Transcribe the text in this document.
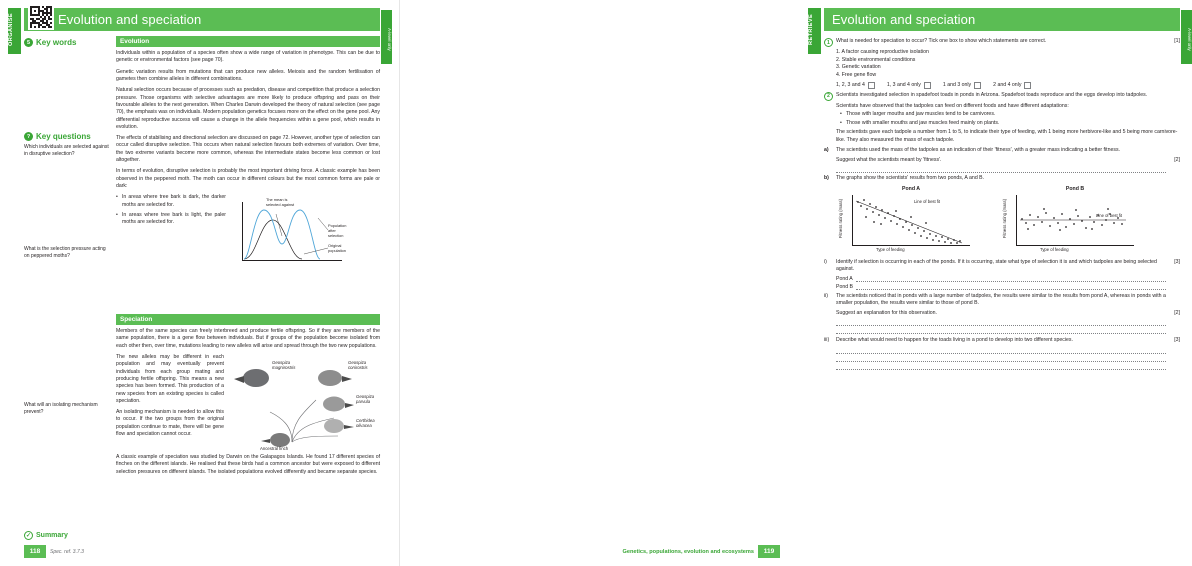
ORGANISE	A-level only
Evolution and speciation
5 Key words
? Key questions
Which individuals are selected against in disruptive selection?
What is the selection pressure acting on peppered moths?
What will an isolating mechanism prevent?
Evolution

Individuals within a population of a species often show a wide range of variation in phenotype. This can be due to genetic or environmental factors (see page 70).

Genetic variation results from mutations that can produce new alleles. Meiosis and the random fertilisation of gametes then combine alleles in different combinations.

Natural selection occurs because of processes such as predation, disease and competition that produce a selection pressure. Those organisms with selective advantages are more likely to produce offspring and pass on their favourable alleles to the next generation. When Charles Darwin developed the theory of natural selection (see page 70), the emphasis was on individuals. Modern population genetics focuses more on the effect on the gene pool. Any differential reproductive success will cause a change in the allele frequencies within a gene pool, which results in evolution.

The effects of stabilising and directional selection are discussed on page 72. However, another type of selection can occur called disruptive selection. This occurs when natural selection favours both extremes of variation. Over time, the two extreme variants become more common, whereas the intermediate states become less common or lost altogether.

In terms of evolution, disruptive selection is probably the most important driving force. A classic example has been observed in the peppered moth. The moth can occur in different colours but the most common forms are pale or dark:

• In areas where tree bark is dark, the darker moths are selected for.
• In areas where tree bark is light, the paler moths are selected for.
The mean is selected against
Population after selection
Original population
Speciation

Members of the same species can freely interbreed and produce fertile offspring. So if they are members of the same population, there is a gene flow between individuals. But if groups of the population become isolated from each other then, over time, mutations leading to new alleles will arise and spread through the two new populations.

The new alleles may be different in each population and may eventually prevent individuals from each group mating and producing fertile offspring. This means a new species has been formed. This production of a new species from an existing species is called speciation.

An isolating mechanism is needed to allow this to occur. If the two groups from the original population continue to mate, there will be gene flow and speciation cannot occur.

Geospiza magnirostris
Geospiza conirostris
Geospiza parvula
Certhidea olivacea
Ancestral finch

A classic example of speciation was studied by Darwin on the Galapagos Islands. He found 17 different species of finches on the different islands. He realised that these birds had a common ancestor but were exposed to different selection pressures on different islands. The isolated populations evolved differently and became separate species.

✓ Summary
118	Spec. ref. 3.7.3
RETRIEVE	A-level only
Evolution and speciation
1	What is needed for speciation to occur? Tick one box to show which statements are correct.	[1]
1. A factor causing reproductive isolation
2. Stable environmental conditions
3. Genetic variation
4. Free gene flow
1, 2, 3 and 4	1, 3 and 4 only	1 and 3 only	2 and 4 only
2	Scientists investigated selection in spadefoot toads in ponds in Arizona. Spadefoot toads reproduce and the eggs develop into tadpoles.
Scientists have observed that the tadpoles can feed on different foods and have different adaptations:
• Those with larger mouths and jaw muscles tend to be carnivores.
• Those with smaller mouths and jaw muscles feed mainly on plants.
The scientists gave each tadpole a number from 1 to 5, to indicate their type of feeding, with 1 being more herbivore-like and 5 being more carnivore-like. They also measured the mass of each tadpole.
a)	The scientists used the mass of the tadpoles as an indication of their 'fitness', with a greater mass indicating a better fitness.
Suggest what the scientists meant by 'fitness'.	[2]
b)	The graphs show the scientists' results from two ponds, A and B.
Pond A
Fitness rating (mass)
Type of feeding
Line of best fit
Pond B
Fitness rating (mass)
Type of feeding
Line of best fit
i)	Identify if selection is occurring in each of the ponds. If it is occurring, state what type of selection it is and which tadpoles are being selected against.
[3]
Pond A
Pond B
ii)	The scientists noticed that in ponds with a large number of tadpoles, the results were similar to the results from pond A, whereas in ponds with a smaller population, the results were similar to those of pond B.
Suggest an explanation for this observation.	[2]
iii)	Describe what would need to happen for the toads living in a pond to develop into two different species.	[3]
Genetics, populations, evolution and ecosystems	119
